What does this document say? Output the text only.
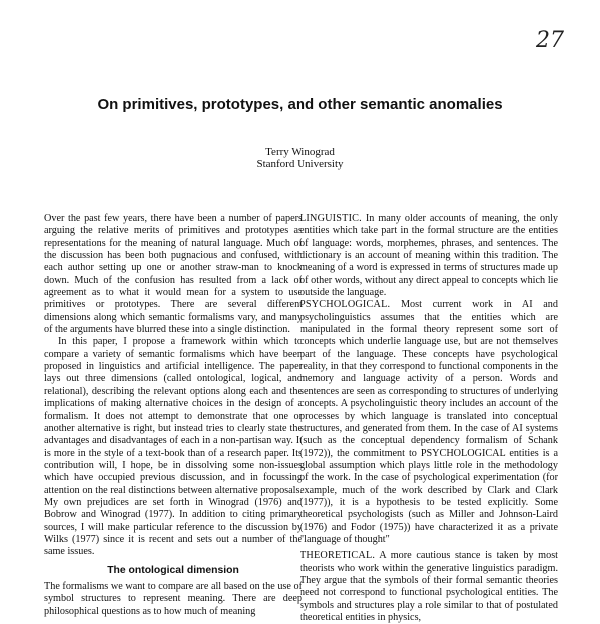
27
On primitives, prototypes, and other semantic anomalies
Terry Winograd
Stanford University

Over the past few years, there have been a number of papers arguing the relative merits of primitives and prototypes as representations for the meaning of natural language. Much of the discussion has been both pugnacious and confused, with each author setting up one or another straw-man to knock down. Much of the confusion has resulted from a lack of agreement as to what it would mean for a system to use primitives or prototypes. There are several different dimensions along which semantic formalisms vary, and many of the arguments have blurred these into a single distinction.

In this paper, I propose a framework within which to compare a variety of semantic formalisms which have been proposed in linguistics and artificial intelligence. The paper lays out three dimensions (called ontological, logical, and relational), describing the relevant options along each and the implications of making alternative choices in the design of a formalism. It does not attempt to demonstrate that one or another alternative is right, but instead tries to clearly state the advantages and disadvantages of each in a non-partisan way. It is more in the style of a text-book than of a research paper. Its contribution will, I hope, be in dissolving some non-issues which have occupied previous discussion, and in focussing attention on the real distinctions between alternative proposals. My own prejudices are set forth in Winograd (1976) and Bobrow and Winograd (1977). In addition to citing primary sources, I will make particular reference to the discussion by Wilks (1977) since it is recent and sets out a number of the same issues.

The ontological dimension

The formalisms we want to compare are all based on the use of symbol structures to represent meaning. There are deep philosophical questions as to how much of meaning

LINGUISTIC. In many older accounts of meaning, the only entities which take part in the formal structure are the entities of language: words, morphemes, phrases, and sentences. The dictionary is an account of meaning within this tradition. The meaning of a word is expressed in terms of structures made up of other words, without any direct appeal to concepts which lie outside the language.

PSYCHOLOGICAL. Most current work in AI and psycholinguistics assumes that the entities which are manipulated in the formal theory represent some sort of concepts which underlie language use, but are not themselves part of the language. These concepts have psychological reality, in that they correspond to functional components in the memory and language activity of a person. Words and sentences are seen as corresponding to structures of underlying concepts. A psycholinguistic theory includes an account of the processes by which language is translated into conceptual structures, and generated from them. In the case of AI systems (such as the conceptual dependency formalism of Schank (1972)), the commitment to PSYCHOLOGICAL entities is a global assumption which plays little role in the methodology of the work. In the case of psychological experimentation (for example, much of the work described by Clark and Clark (1977)), it is a hypothesis to be tested explicitly. Some theoretical psychologists (such as Miller and Johnson-Laird (1976) and Fodor (1975)) have characterized it as a private "language of thought"

THEORETICAL. A more cautious stance is taken by most theorists who work within the generative linguistics paradigm. They argue that the symbols of their formal semantic theories need not correspond to functional psychological entities. The symbols and structures play a role similar to that of postulated theoretical entities in physics,
